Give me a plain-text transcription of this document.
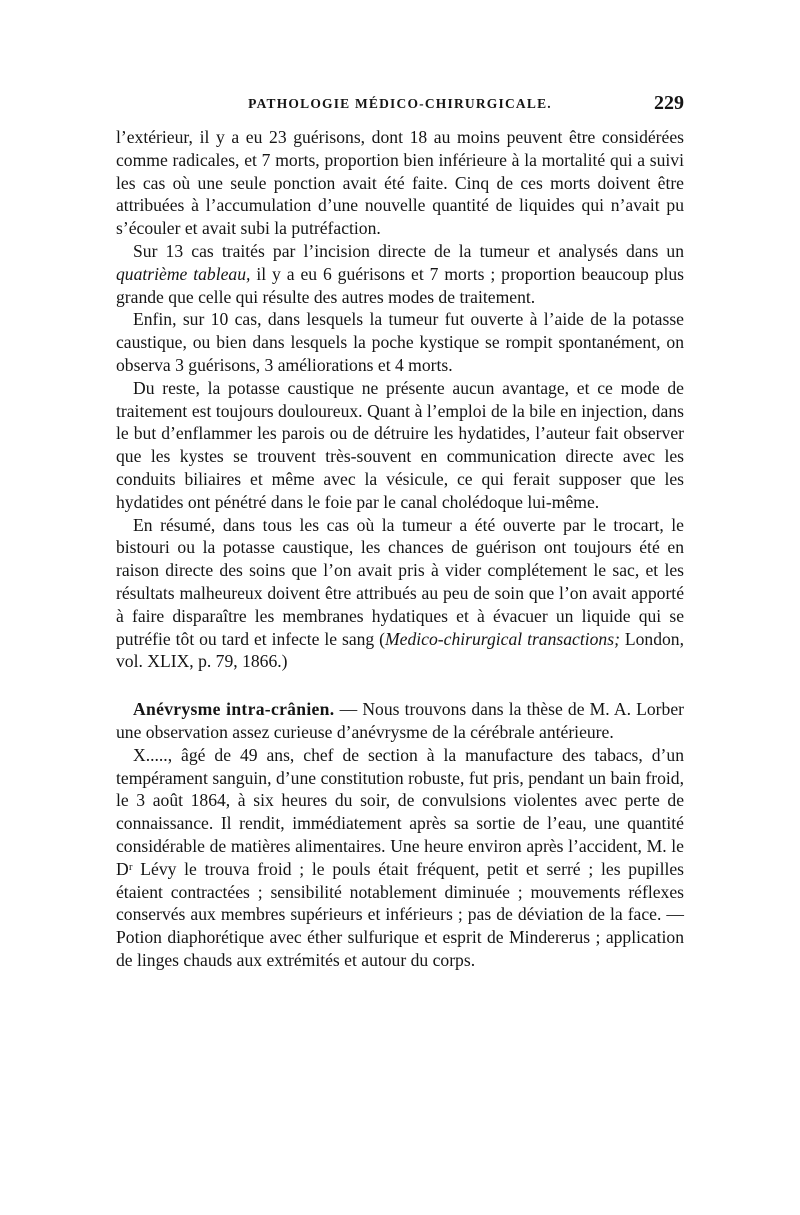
PATHOLOGIE MÉDICO-CHIRURGICALE.	229

l’extérieur, il y a eu 23 guérisons, dont 18 au moins peuvent être considérées comme radicales, et 7 morts, proportion bien inférieure à la mortalité qui a suivi les cas où une seule ponction avait été faite. Cinq de ces morts doivent être attribuées à l’accumulation d’une nouvelle quantité de liquides qui n’avait pu s’écouler et avait subi la putréfaction.

Sur 13 cas traités par l’incision directe de la tumeur et analysés dans un quatrième tableau, il y a eu 6 guérisons et 7 morts ; proportion beaucoup plus grande que celle qui résulte des autres modes de traitement.

Enfin, sur 10 cas, dans lesquels la tumeur fut ouverte à l’aide de la potasse caustique, ou bien dans lesquels la poche kystique se rompit spontanément, on observa 3 guérisons, 3 améliorations et 4 morts.

Du reste, la potasse caustique ne présente aucun avantage, et ce mode de traitement est toujours douloureux. Quant à l’emploi de la bile en injection, dans le but d’enflammer les parois ou de détruire les hydatides, l’auteur fait observer que les kystes se trouvent très-souvent en communication directe avec les conduits biliaires et même avec la vésicule, ce qui ferait supposer que les hydatides ont pénétré dans le foie par le canal cholédoque lui-même.

En résumé, dans tous les cas où la tumeur a été ouverte par le trocart, le bistouri ou la potasse caustique, les chances de guérison ont toujours été en raison directe des soins que l’on avait pris à vider complétement le sac, et les résultats malheureux doivent être attribués au peu de soin que l’on avait apporté à faire disparaître les membranes hydatiques et à évacuer un liquide qui se putréfie tôt ou tard et infecte le sang (Medico-chirurgical transactions; London, vol. XLIX, p. 79, 1866.)

Anévrysme intra-crânien. — Nous trouvons dans la thèse de M. A. Lorber une observation assez curieuse d’anévrysme de la cérébrale antérieure.

X....., âgé de 49 ans, chef de section à la manufacture des tabacs, d’un tempérament sanguin, d’une constitution robuste, fut pris, pendant un bain froid, le 3 août 1864, à six heures du soir, de convulsions violentes avec perte de connaissance. Il rendit, immédiatement après sa sortie de l’eau, une quantité considérable de matières alimentaires. Une heure environ après l’accident, M. le Dʳ Lévy le trouva froid ; le pouls était fréquent, petit et serré ; les pupilles étaient contractées ; sensibilité notablement diminuée ; mouvements réflexes conservés aux membres supérieurs et inférieurs ; pas de déviation de la face. — Potion diaphorétique avec éther sulfurique et esprit de Mindererus ; application de linges chauds aux extrémités et autour du corps.
